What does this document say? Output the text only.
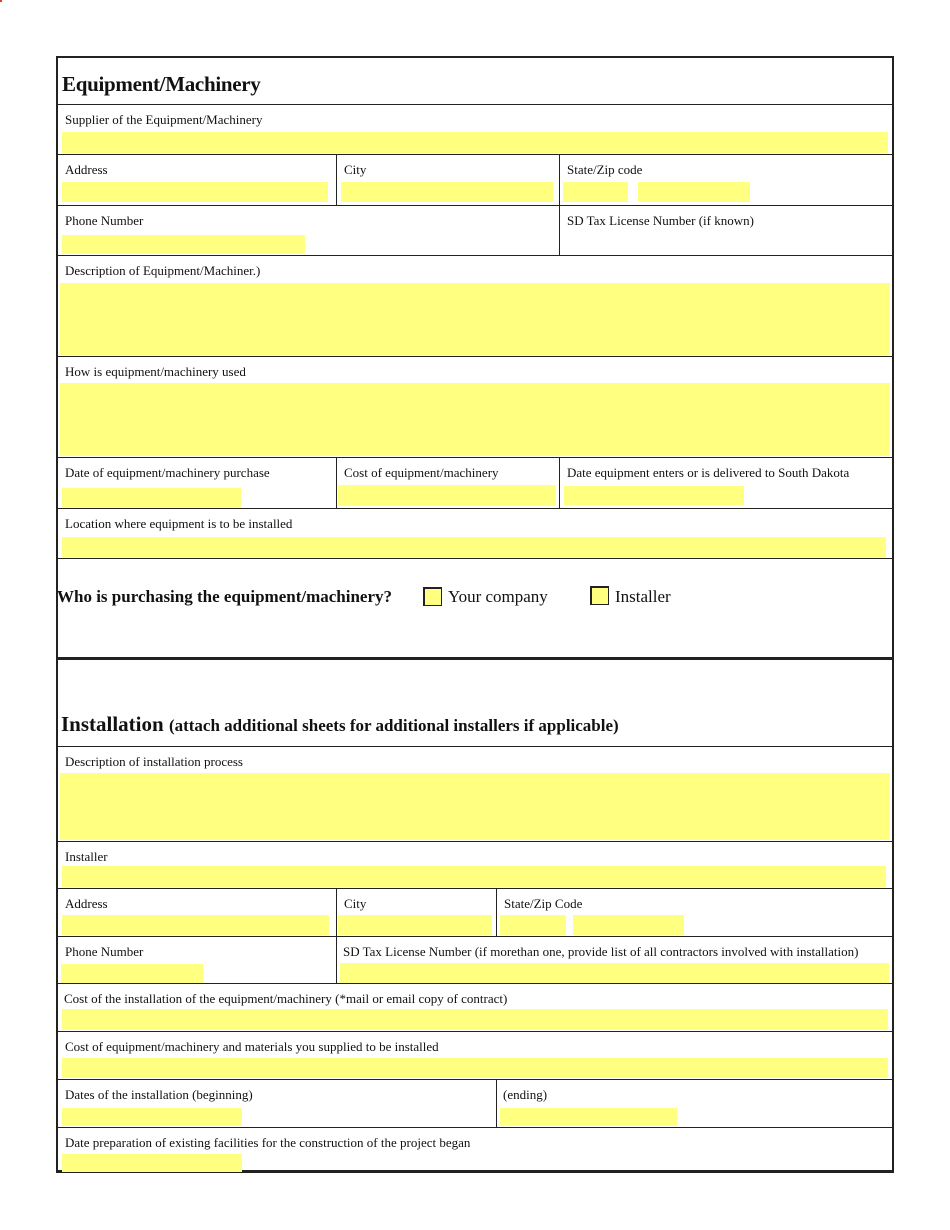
Equipment/Machinery
Supplier of the Equipment/Machinery
Address	City	State/Zip code
Phone Number	SD Tax License Number (if known)
Description of Equipment/Machiner.)
How is equipment/machinery used
Date of equipment/machinery purchase	Cost of equipment/machinery	Date equipment enters or is delivered to South Dakota
Location where equipment is to be installed
Who is purchasing the equipment/machinery?	Your company	Installer
Installation (attach additional sheets for additional installers if applicable)
Description of installation process
Installer
Address	City	State/Zip Code
Phone Number	SD Tax License Number (if morethan one, provide list of all contractors involved with installation)
Cost of the installation of the equipment/machinery (*mail or email copy of contract)
Cost of equipment/machinery and materials you supplied to be installed
Dates of the installation (beginning)	(ending)
Date preparation of existing facilities for the construction of the project began
